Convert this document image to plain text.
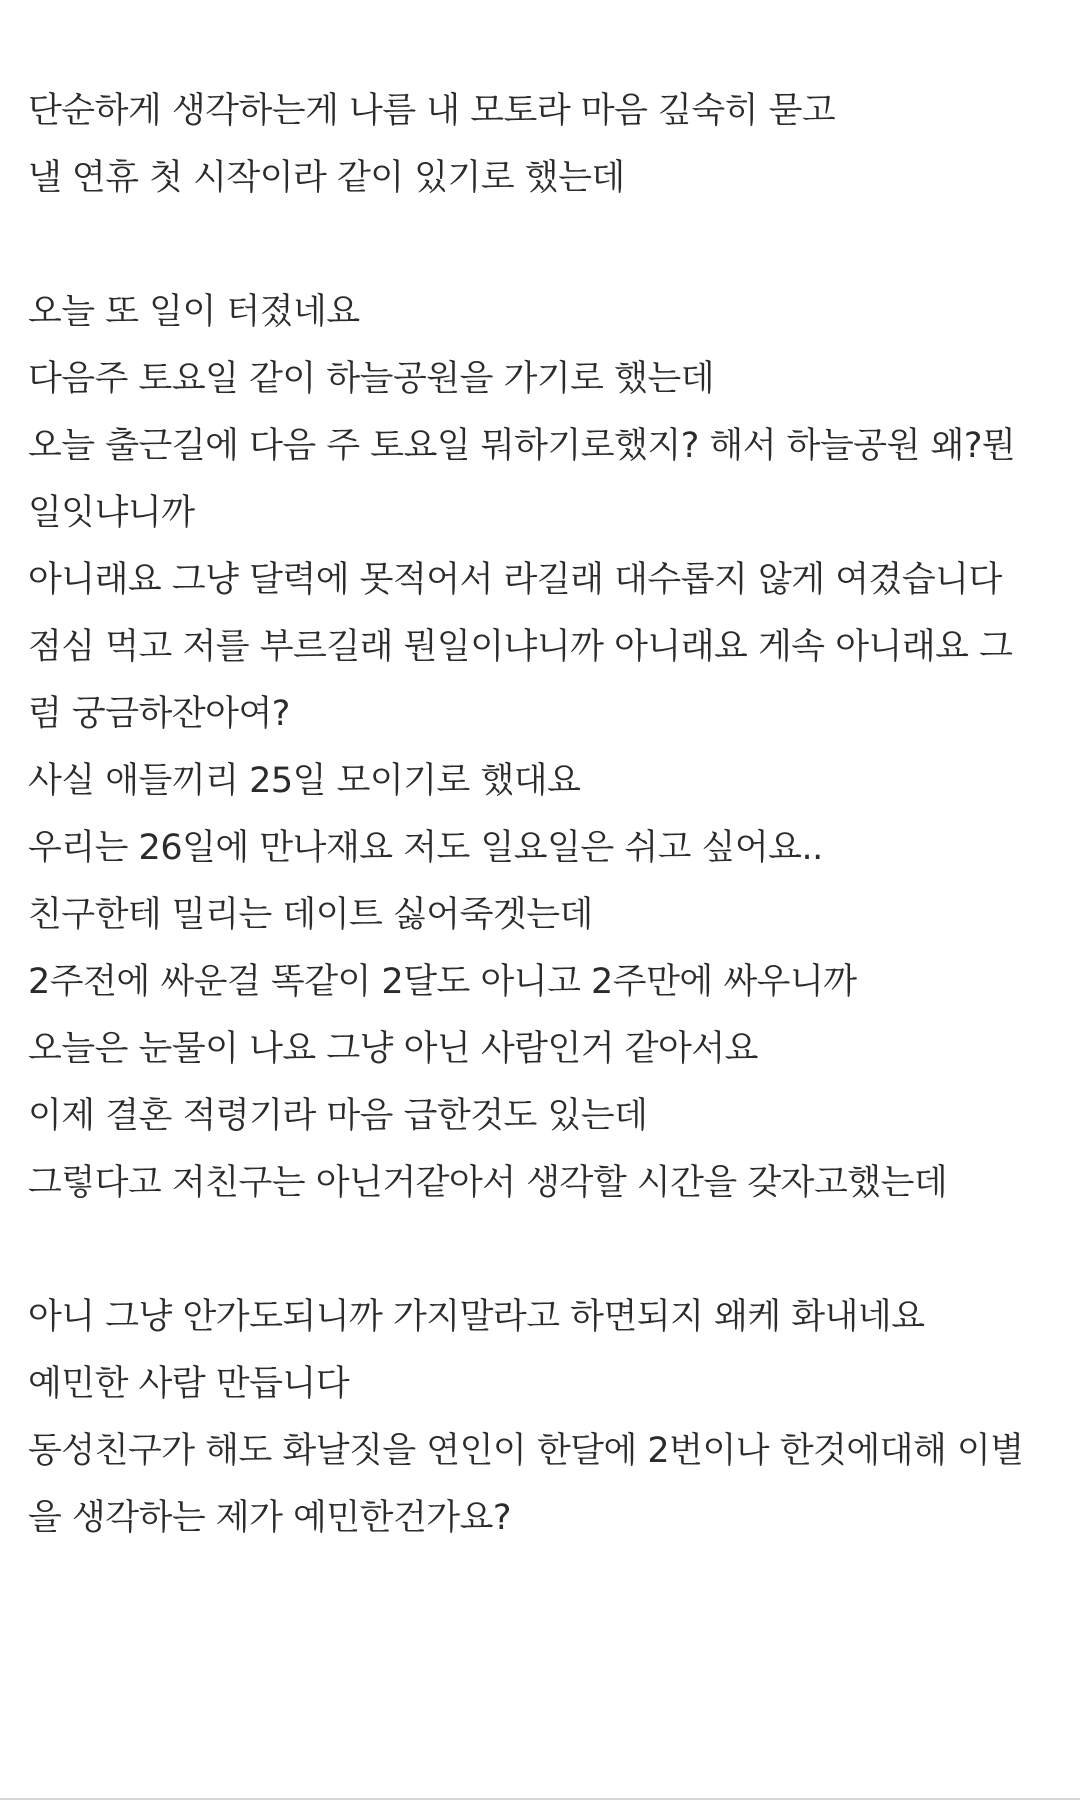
단순하게 생각하는게 나름 내 모토라 마음 깊숙히 묻고
낼 연휴 첫 시작이라 같이 있기로 했는데
오늘 또 일이 터졌네요
다음주 토요일 같이 하늘공원을 가기로 했는데
오늘 출근길에 다음 주 토요일 뭐하기로했지? 해서 하늘공원 왜?뭔
일잇냐니까
아니래요 그냥 달력에 못적어서 라길래 대수롭지 않게 여겼습니다
점심 먹고 저를 부르길래 뭔일이냐니까 아니래요 게속 아니래요 그
럼 궁금하잔아여?
사실 애들끼리 25일 모이기로 했대요
우리는 26일에 만나재요 저도 일요일은 쉬고 싶어요..
친구한테 밀리는 데이트 싫어죽겟는데
2주전에 싸운걸 똑같이 2달도 아니고 2주만에 싸우니까
오늘은 눈물이 나요 그냥 아닌 사람인거 같아서요
이제 결혼 적령기라 마음 급한것도 있는데
그렇다고 저친구는 아닌거같아서 생각할 시간을 갖자고했는데
아니 그냥 안가도되니까 가지말라고 하면되지 왜케 화내네요
예민한 사람 만듭니다
동성친구가 해도 화날짓을 연인이 한달에 2번이나 한것에대해 이별
을 생각하는 제가 예민한건가요?
